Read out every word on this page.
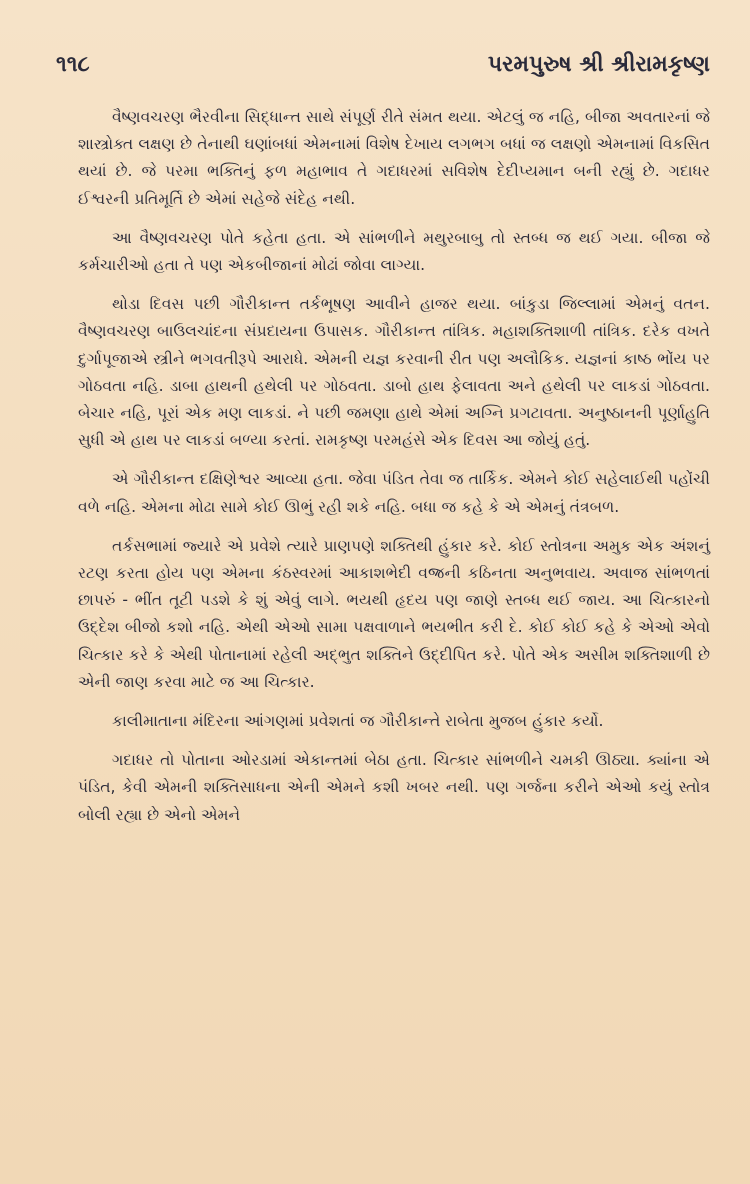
૧૧૮	પરમપુરુષ શ્રી શ્રીરામકૃષ્ણ

વૈષ્ણવચરણ ભૈરવીના સિદ્ધાન્ત સાથે સંપૂર્ણ રીતે સંમત થયા. એટલું જ નહિ, બીજા અવતારનાં જે શાસ્ત્રોક્ત લક્ષણ છે તેનાથી ઘણાંબધાં એમનામાં વિશેષ દેખાય લગભગ બધાં જ લક્ષણો એમનામાં વિકસિત થયાં છે. જે પરમા ભક્તિનું ફળ મહાભાવ તે ગદાધરમાં સવિશેષ દેદીપ્યમાન બની રહ્યું છે. ગદાધર ઈશ્વરની પ્રતિમૂર્તિ છે એમાં સહેજે સંદેહ નથી.

આ વૈષ્ણવચરણ પોતે કહેતા હતા. એ સાંભળીને મથુરબાબુ તો સ્તબ્ધ જ થઈ ગયા. બીજા જે કર્મચારીઓ હતા તે પણ એકબીજાનાં મોઢાં જોવા લાગ્યા.

થોડા દિવસ પછી ગૌરીકાન્ત તર્કભૂષણ આવીને હાજર થયા. બાંકુડા જિલ્લામાં એમનું વતન. વૈષ્ણવચરણ બાઉલચાંદના સંપ્રદાયના ઉપાસક. ગૌરીકાન્ત તાંત્રિક. મહાશક્તિશાળી તાંત્રિક. દરેક વખતે દુર્ગાપૂજાએ સ્ત્રીને ભગવતીરૂપે આરાધે. એમની યજ્ઞ કરવાની રીત પણ અલૌકિક. યજ્ઞનાં કાષ્ઠ ભોંય પર ગોઠવતા નહિ. ડાબા હાથની હથેલી પર ગોઠવતા. ડાબો હાથ ફેલાવતા અને હથેલી પર લાકડાં ગોઠવતા. બેચાર નહિ, પૂરાં એક મણ લાકડાં. ને પછી જમણા હાથે એમાં અગ્નિ પ્રગટાવતા. અનુષ્ઠાનની પૂર્ણાહુતિ સુધી એ હાથ પર લાકડાં બળ્યા કરતાં. રામકૃષ્ણ પરમહંસે એક દિવસ આ જોયું હતું.

એ ગૌરીકાન્ત દક્ષિણેશ્વર આવ્યા હતા. જેવા પંડિત તેવા જ તાર્કિક. એમને કોઈ સહેલાઈથી પહોંચી વળે નહિ. એમના મોઢા સામે કોઈ ઊભું રહી શકે નહિ. બધા જ કહે કે એ એમનું તંત્રબળ.

તર્કસભામાં જ્યારે એ પ્રવેશે ત્યારે પ્રાણપણે શક્તિથી હુંકાર કરે. કોઈ સ્તોત્રના અમુક એક અંશનું રટણ કરતા હોય પણ એમના કંઠસ્વરમાં આકાશભેદી વજ્રની કઠિનતા અનુભવાય. અવાજ સાંભળતાં છાપરું - ભીંત તૂટી પડશે કે શું એવું લાગે. ભયથી હૃદય પણ જાણે સ્તબ્ધ થઈ જાય. આ ચિત્કારનો ઉદ્દેશ બીજો કશો નહિ. એથી એઓ સામા પક્ષવાળાને ભયભીત કરી દે. કોઈ કોઈ કહે કે એઓ એવો ચિત્કાર કરે કે એથી પોતાનામાં રહેલી અદ્ભુત શક્તિને ઉદ્દીપિત કરે. પોતે એક અસીમ શક્તિશાળી છે એની જાણ કરવા માટે જ આ ચિત્કાર.

કાલીમાતાના મંદિરના આંગણમાં પ્રવેશતાં જ ગૌરીકાન્તે રાબેતા મુજબ હુંકાર કર્યો.

ગદાધર તો પોતાના ઓરડામાં એકાન્તમાં બેઠા હતા. ચિત્કાર સાંભળીને ચમકી ઊઠ્યા. ક્યાંના એ પંડિત, કેવી એમની શક્તિસાધના એની એમને કશી ખબર નથી. પણ ગર્જના કરીને એઓ કયું સ્તોત્ર બોલી રહ્યા છે એનો એમને
